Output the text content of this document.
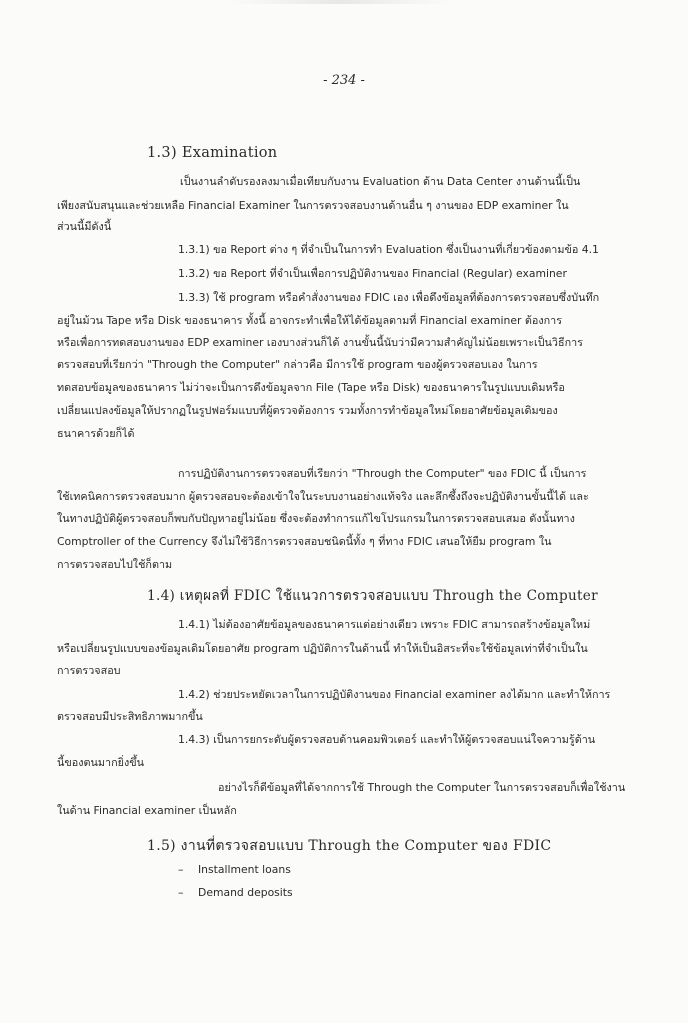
- 234 -
1.3) Examination
เป็นงานลำดับรองลงมาเมื่อเทียบกับงาน Evaluation ด้าน Data Center งานด้านนี้เป็น
เพียงสนับสนุนและช่วยเหลือ Financial Examiner ในการตรวจสอบงานด้านอื่น ๆ งานของ EDP examiner ใน
ส่วนนี้มีดังนี้
1.3.1) ขอ Report ต่าง ๆ ที่จำเป็นในการทำ Evaluation ซึ่งเป็นงานที่เกี่ยวข้องตามข้อ 4.1
1.3.2) ขอ Report ที่จำเป็นเพื่อการปฏิบัติงานของ Financial (Regular) examiner
1.3.3) ใช้ program หรือคำสั่งงานของ FDIC เอง เพื่อดึงข้อมูลที่ต้องการตรวจสอบซึ่งบันทึก
อยู่ในม้วน Tape หรือ Disk ของธนาคาร ทั้งนี้ อาจกระทำเพื่อให้ได้ข้อมูลตามที่ Financial examiner ต้องการ
หรือเพื่อการทดสอบงานของ EDP examiner เองบางส่วนก็ได้ งานขั้นนี้นับว่ามีความสำคัญไม่น้อยเพราะเป็นวิธีการ
ตรวจสอบที่เรียกว่า "Through the Computer" กล่าวคือ มีการใช้ program ของผู้ตรวจสอบเอง ในการ
ทดสอบข้อมูลของธนาคาร ไม่ว่าจะเป็นการดึงข้อมูลจาก File (Tape หรือ Disk) ของธนาคารในรูปแบบเดิมหรือ
เปลี่ยนแปลงข้อมูลให้ปรากฏในรูปฟอร์มแบบที่ผู้ตรวจต้องการ รวมทั้งการทำข้อมูลใหม่โดยอาศัยข้อมูลเดิมของ
ธนาคารด้วยก็ได้
การปฏิบัติงานการตรวจสอบที่เรียกว่า "Through the Computer" ของ FDIC นี้ เป็นการ
ใช้เทคนิคการตรวจสอบมาก ผู้ตรวจสอบจะต้องเข้าใจในระบบงานอย่างแท้จริง และลึกซึ้งถึงจะปฏิบัติงานขั้นนี้ได้ และ
ในทางปฏิบัติผู้ตรวจสอบก็พบกับปัญหาอยู่ไม่น้อย ซึ่งจะต้องทำการแก้ไขโปรแกรมในการตรวจสอบเสมอ ดังนั้นทาง
Comptroller of the Currency จึงไม่ใช้วิธีการตรวจสอบชนิดนี้ทั้ง ๆ ที่ทาง FDIC เสนอให้ยืม program ใน
การตรวจสอบไปใช้ก็ตาม
1.4) เหตุผลที่ FDIC ใช้แนวการตรวจสอบแบบ Through the Computer
1.4.1) ไม่ต้องอาศัยข้อมูลของธนาคารแต่อย่างเดียว เพราะ FDIC สามารถสร้างข้อมูลใหม่
หรือเปลี่ยนรูปแบบของข้อมูลเดิมโดยอาศัย program ปฏิบัติการในด้านนี้ ทำให้เป็นอิสระที่จะใช้ข้อมูลเท่าที่จำเป็นใน
การตรวจสอบ
1.4.2) ช่วยประหยัดเวลาในการปฏิบัติงานของ Financial examiner ลงได้มาก และทำให้การ
ตรวจสอบมีประสิทธิภาพมากขึ้น
1.4.3) เป็นการยกระดับผู้ตรวจสอบด้านคอมพิวเตอร์ และทำให้ผู้ตรวจสอบแน่ใจความรู้ด้าน
นี้ของตนมากยิ่งขึ้น
อย่างไรก็ดีข้อมูลที่ได้จากการใช้ Through the Computer ในการตรวจสอบก็เพื่อใช้งาน
ในด้าน Financial examiner เป็นหลัก
1.5) งานที่ตรวจสอบแบบ Through the Computer ของ FDIC
–	Installment loans
–	Demand deposits
